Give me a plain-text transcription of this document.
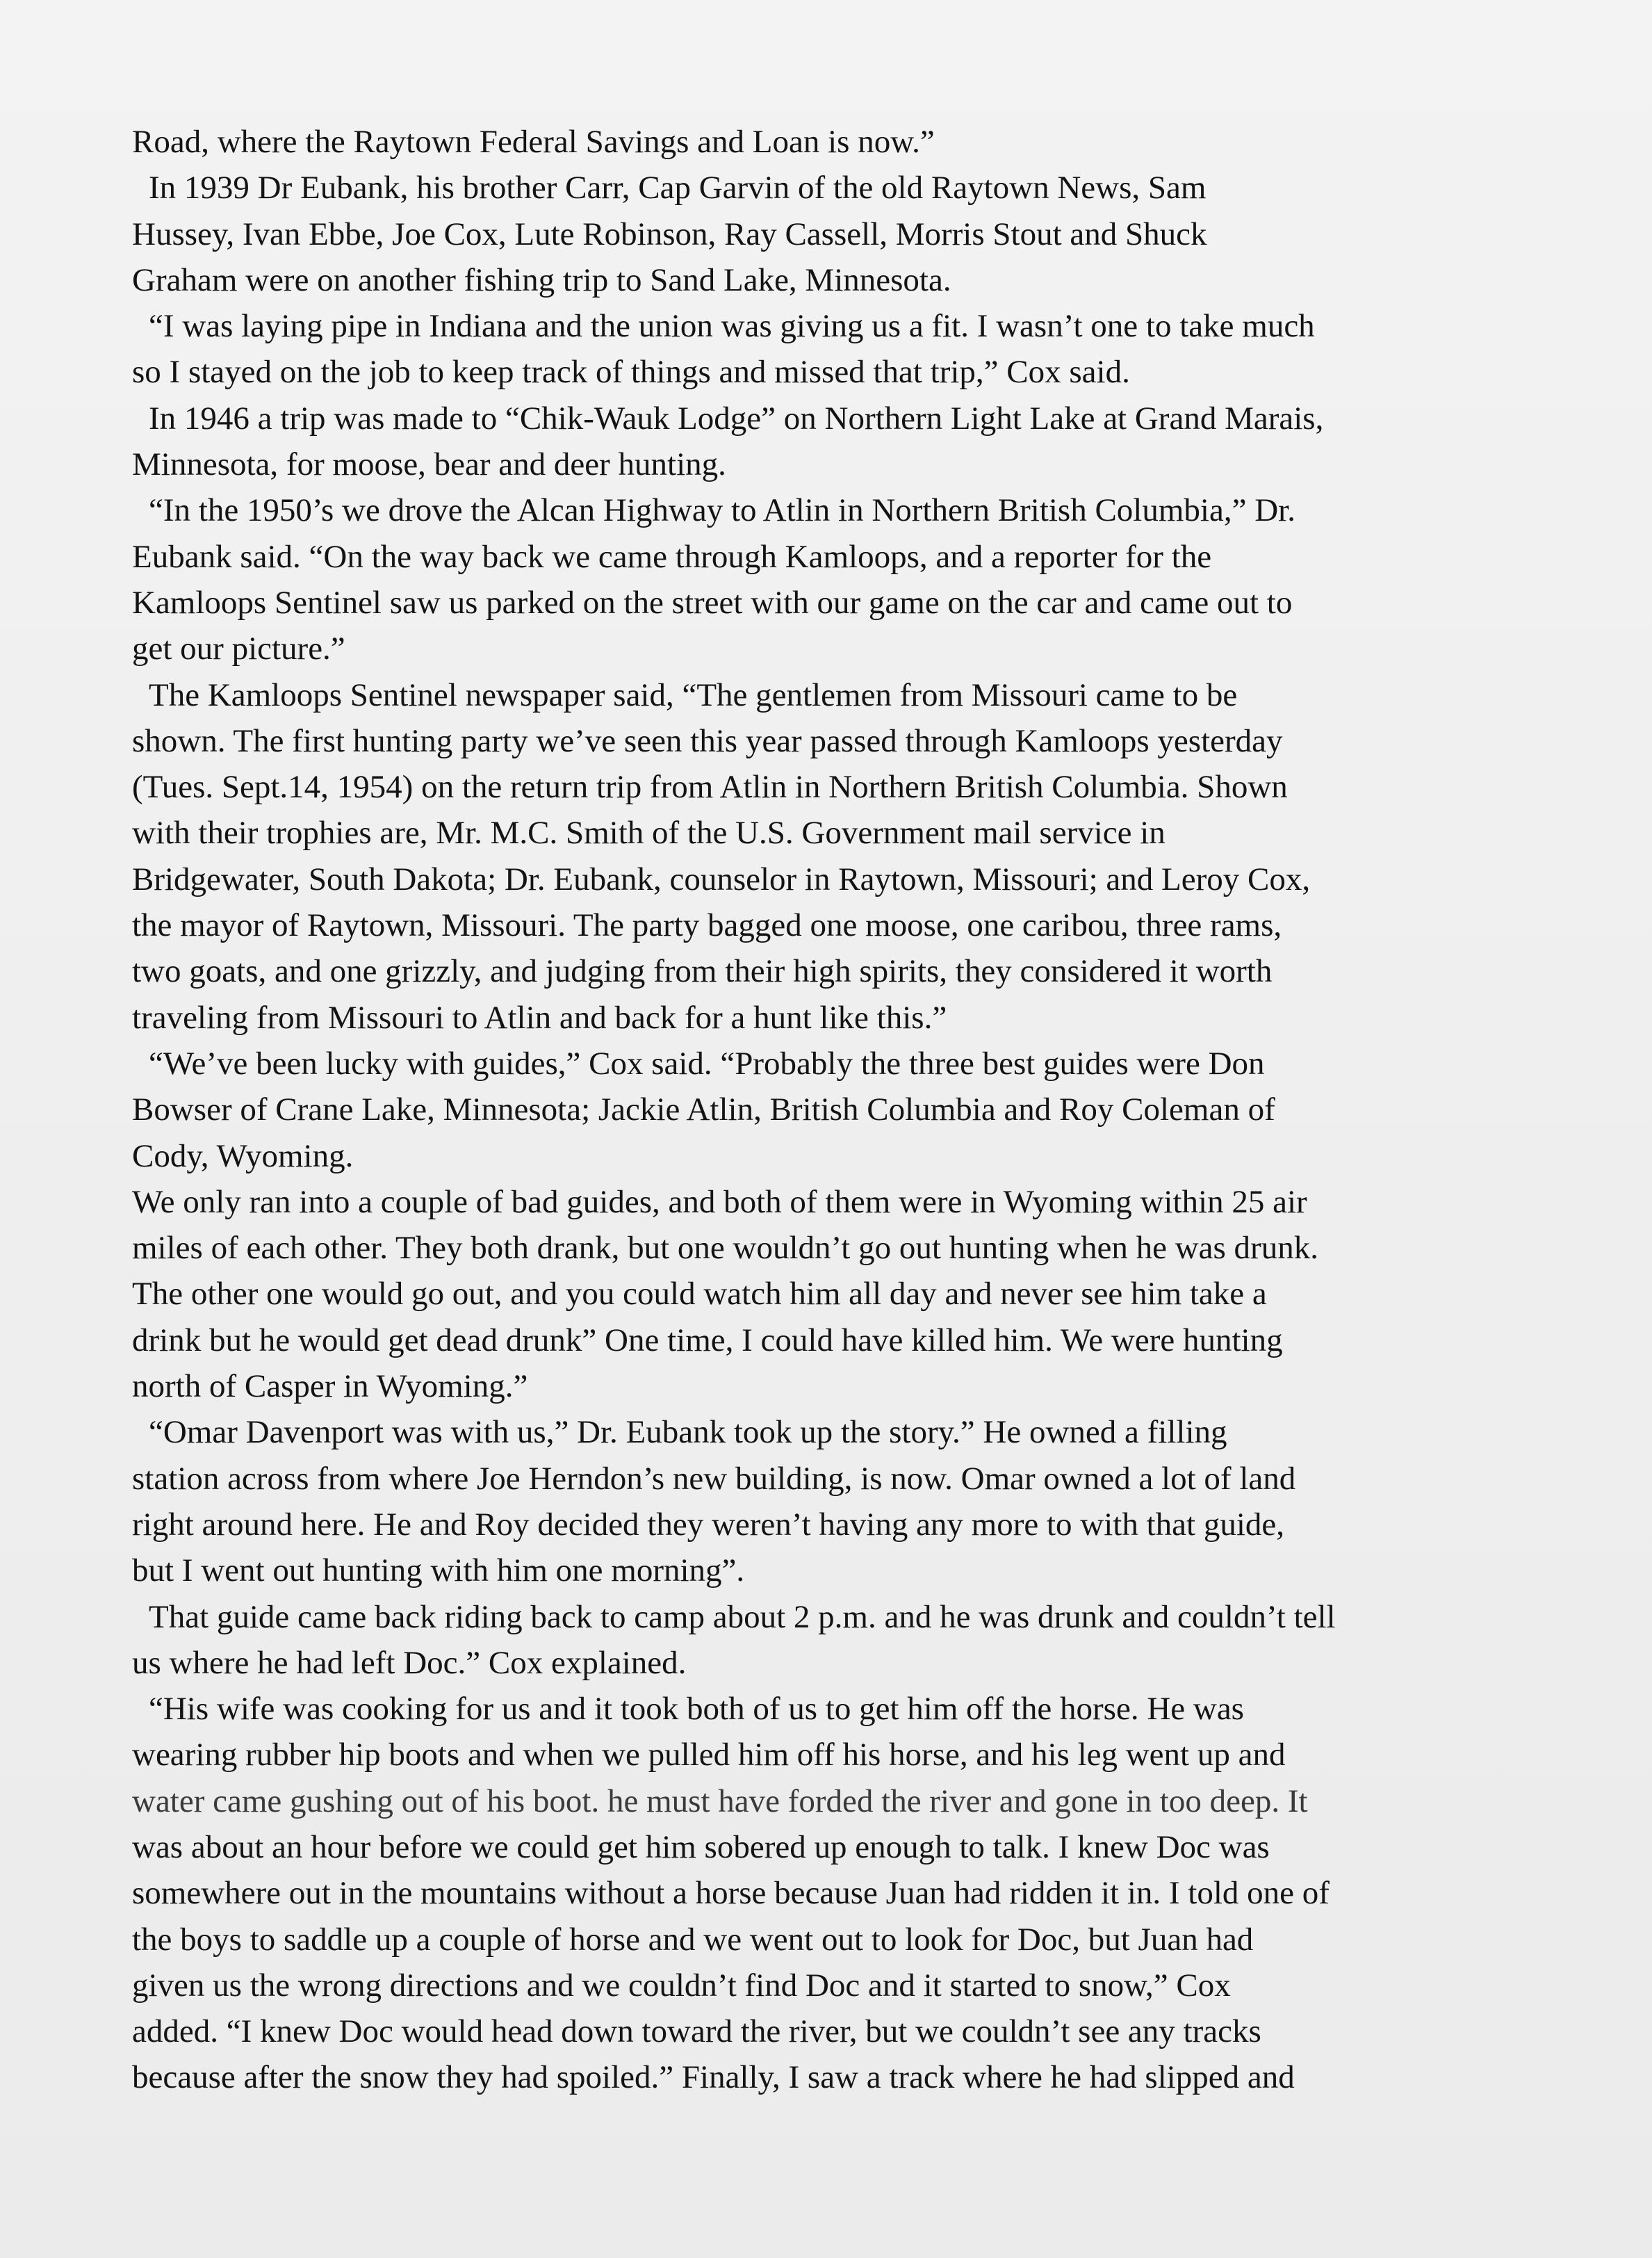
Road, where the Raytown Federal Savings and Loan is now.”
In 1939 Dr Eubank, his brother Carr, Cap Garvin of the old Raytown News, Sam
Hussey, Ivan Ebbe, Joe Cox, Lute Robinson, Ray Cassell, Morris Stout and Shuck
Graham were on another fishing trip to Sand Lake, Minnesota.
“I was laying pipe in Indiana and the union was giving us a fit. I wasn’t one to take much
so I stayed on the job to keep track of things and missed that trip,” Cox said.
In 1946 a trip was made to “Chik-Wauk Lodge” on Northern Light Lake at Grand Marais,
Minnesota, for moose, bear and deer hunting.
“In the 1950’s we drove the Alcan Highway to Atlin in Northern British Columbia,” Dr.
Eubank said. “On the way back we came through Kamloops, and a reporter for the
Kamloops Sentinel saw us parked on the street with our game on the car and came out to
get our picture.”
The Kamloops Sentinel newspaper said, “The gentlemen from Missouri came to be
shown. The first hunting party we’ve seen this year passed through Kamloops yesterday
(Tues. Sept.14, 1954) on the return trip from Atlin in Northern British Columbia. Shown
with their trophies are, Mr. M.C. Smith of the U.S. Government mail service in
Bridgewater, South Dakota; Dr. Eubank, counselor in Raytown, Missouri; and Leroy Cox,
the mayor of Raytown, Missouri. The party bagged one moose, one caribou, three rams,
two goats, and one grizzly, and judging from their high spirits, they considered it worth
traveling from Missouri to Atlin and back for a hunt like this.”
“We’ve been lucky with guides,” Cox said. “Probably the three best guides were Don
Bowser of Crane Lake, Minnesota; Jackie Atlin, British Columbia and Roy Coleman of
Cody, Wyoming.
We only ran into a couple of bad guides, and both of them were in Wyoming within 25 air
miles of each other. They both drank, but one wouldn’t go out hunting when he was drunk.
The other one would go out, and you could watch him all day and never see him take a
drink but he would get dead drunk” One time, I could have killed him. We were hunting
north of Casper in Wyoming.”
“Omar Davenport was with us,” Dr. Eubank took up the story.” He owned a filling
station across from where Joe Herndon’s new building, is now. Omar owned a lot of land
right around here. He and Roy decided they weren’t having any more to with that guide,
but I went out hunting with him one morning”.
That guide came back riding back to camp about 2 p.m. and he was drunk and couldn’t tell
us where he had left Doc.” Cox explained.
“His wife was cooking for us and it took both of us to get him off the horse. He was
wearing rubber hip boots and when we pulled him off his horse, and his leg went up and
water came gushing out of his boot. he must have forded the river and gone in too deep. It
was about an hour before we could get him sobered up enough to talk. I knew Doc was
somewhere out in the mountains without a horse because Juan had ridden it in. I told one of
the boys to saddle up a couple of horse and we went out to look for Doc, but Juan had
given us the wrong directions and we couldn’t find Doc and it started to snow,” Cox
added. “I knew Doc would head down toward the river, but we couldn’t see any tracks
because after the snow they had spoiled.” Finally, I saw a track where he had slipped and
